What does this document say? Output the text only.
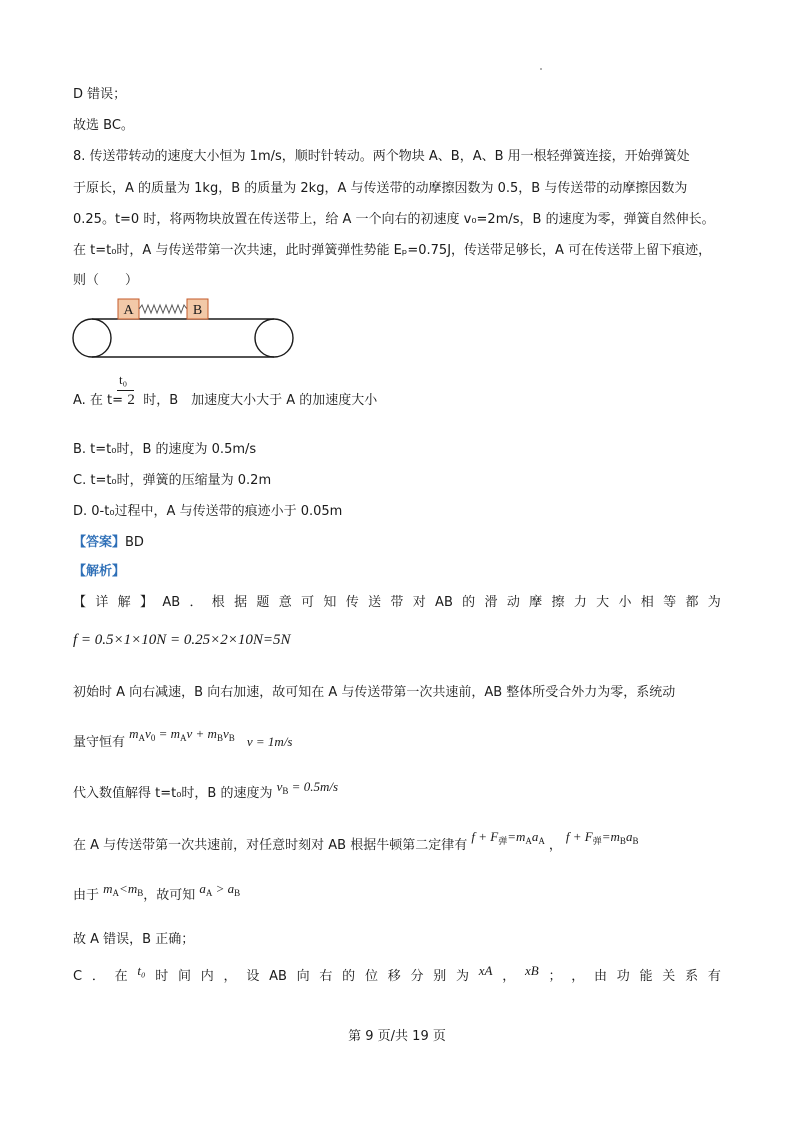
D 错误；
故选 BC。
8. 传送带转动的速度大小恒为 1m/s，顺时针转动。两个物块 A、B，A、B 用一根轻弹簧连接，开始弹簧处
于原长，A 的质量为 1kg，B 的质量为 2kg，A 与传送带的动摩擦因数为 0.5，B 与传送带的动摩擦因数为
0.25。t=0 时，将两物块放置在传送带上，给 A 一个向右的初速度 v₀=2m/s，B 的速度为零，弹簧自然伸长。
在 t=t₀时，A 与传送带第一次共速，此时弹簧弹性势能 Eₚ=0.75J，传送带足够长，A 可在传送带上留下痕迹，
则（　　）
A	B
t₀
A. 在 t= 2 时，B　加速度大小大于 A 的加速度大小
B. t=t₀时，B 的速度为 0.5m/s
C. t=t₀时，弹簧的压缩量为 0.2m
D. 0-t₀过程中，A 与传送带的痕迹小于 0.05m
【答案】BD
【解析】
【 详 解 】 AB ． 根 据 题 意 可 知 传 送 带 对 AB 的 滑 动 摩 擦 力 大 小 相 等 都 为
f = 0.5×1×10N = 0.25×2×10N=5N
初始时 A 向右减速，B 向右加速，故可知在 A 与传送带第一次共速前，AB 整体所受合外力为零，系统动
量守恒有 $m_Av_0 = m_Av + m_Bv_B$ v = 1m/s
代入数值解得 t=t₀时，B 的速度为 $v_B = 0.5m/s$
在 A 与传送带第一次共速前，对任意时刻对 AB 根据牛顿第二定律有 $f + F_弹=m_Aa_A$ ，$f + F_弹=m_Ba_B$
由于 $m_A<m_B$，故可知 $a_A > a_B$
故 A 错误，B 正确；
C ． 在 t₀ 时 间 内 ， 设 AB 向 右 的 位 移 分 别 为 xA ， xB ； ， 由 功 能 关 系 有
第 9 页/共 19 页
